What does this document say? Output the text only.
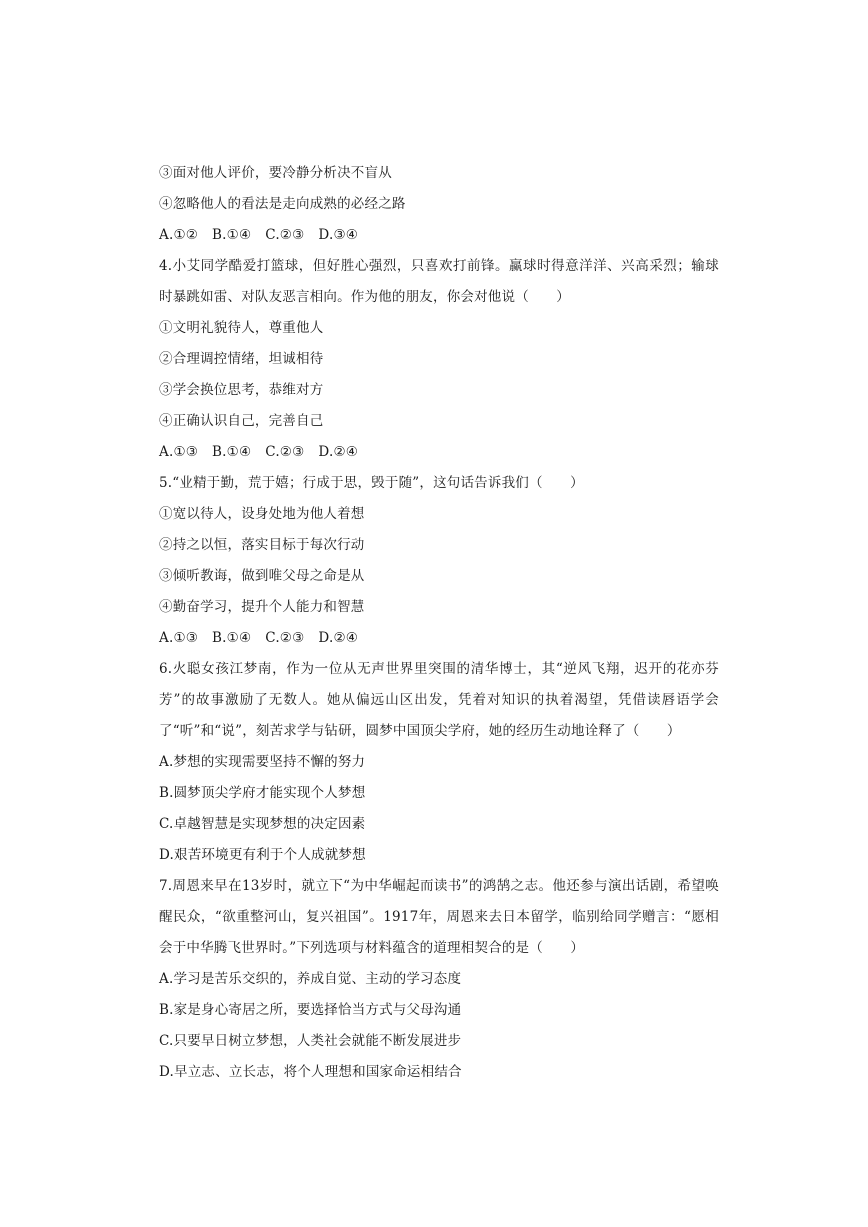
③面对他人评价，要冷静分析决不盲从
④忽略他人的看法是走向成熟的必经之路
A.①② B.①④ C.②③ D.③④
4.小艾同学酷爱打篮球，但好胜心强烈，只喜欢打前锋。赢球时得意洋洋、兴高采烈；输球时暴跳如雷、对队友恶言相向。作为他的朋友，你会对他说（　　）
①文明礼貌待人，尊重他人
②合理调控情绪，坦诚相待
③学会换位思考，恭维对方
④正确认识自己，完善自己
A.①③ B.①④ C.②③ D.②④
5.“业精于勤，荒于嬉；行成于思，毁于随”，这句话告诉我们（　　）
①宽以待人，设身处地为他人着想
②持之以恒，落实目标于每次行动
③倾听教诲，做到唯父母之命是从
④勤奋学习，提升个人能力和智慧
A.①③ B.①④ C.②③ D.②④
6.火聪女孩江梦南，作为一位从无声世界里突围的清华博士，其“逆风飞翔，迟开的花亦芬芳”的故事激励了无数人。她从偏远山区出发，凭着对知识的执着渴望，凭借读唇语学会了“听”和“说”，刻苦求学与钻研，圆梦中国顶尖学府，她的经历生动地诠释了（　　）
A.梦想的实现需要坚持不懈的努力
B.圆梦顶尖学府才能实现个人梦想
C.卓越智慧是实现梦想的决定因素
D.艰苦环境更有利于个人成就梦想
7.周恩来早在13岁时，就立下“为中华崛起而读书”的鸿鹄之志。他还参与演出话剧，希望唤醒民众，“欲重整河山，复兴祖国”。1917年，周恩来去日本留学，临别给同学赠言：“愿相会于中华腾飞世界时。”下列选项与材料蕴含的道理相契合的是（　　）
A.学习是苦乐交织的，养成自觉、主动的学习态度
B.家是身心寄居之所，要选择恰当方式与父母沟通
C.只要早日树立梦想，人类社会就能不断发展进步
D.早立志、立长志，将个人理想和国家命运相结合
